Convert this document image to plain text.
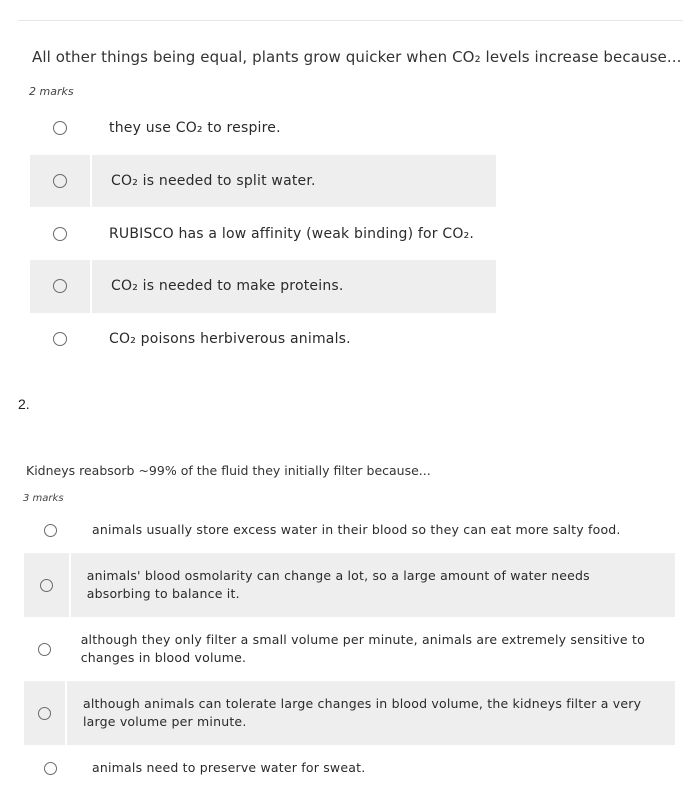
All other things being equal, plants grow quicker when CO₂ levels increase because...
2 marks
they use CO₂ to respire.
CO₂ is needed to split water.
RUBISCO has a low affinity (weak binding) for CO₂.
CO₂ is needed to make proteins.
CO₂ poisons herbiverous animals.
2.
Kidneys reabsorb ~99% of the fluid they initially filter because...
3 marks
animals usually store excess water in their blood so they can eat more salty food.
animals' blood osmolarity can change a lot, so a large amount of water needs absorbing to balance it.
although they only filter a small volume per minute, animals are extremely sensitive to changes in blood volume.
although animals can tolerate large changes in blood volume, the kidneys filter a very large volume per minute.
animals need to preserve water for sweat.
